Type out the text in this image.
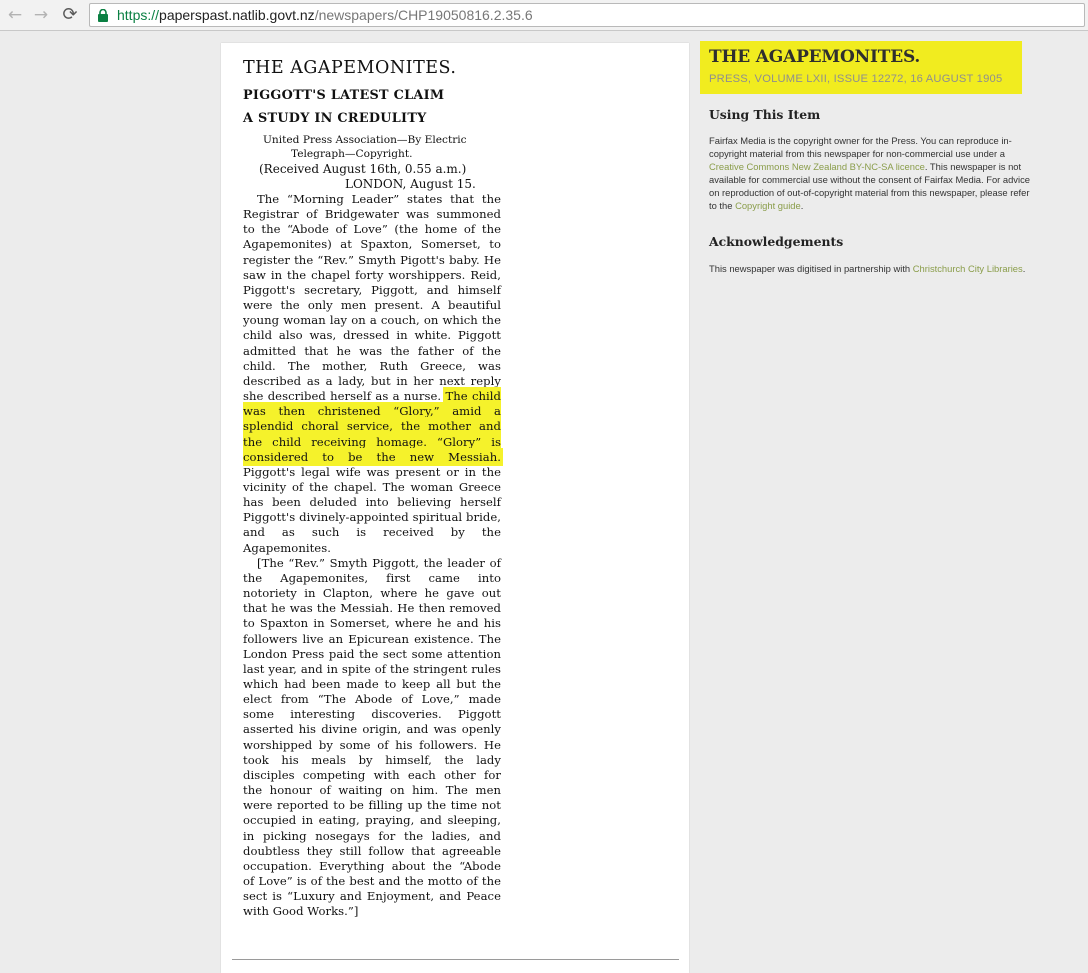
← → ⟳	https://paperspast.natlib.govt.nz/newspapers/CHP19050816.2.35.6
THE AGAPEMONITES.
PIGGOTT'S LATEST CLAIM
A STUDY IN CREDULITY
United Press Association—By Electric
Telegraph—Copyright.
(Received August 16th, 0.55 a.m.)
LONDON, August 15.

The “Morning Leader” states that the Registrar of Bridgewater was summoned to the “Abode of Love” (the home of the Agapemonites) at Spaxton, Somerset, to register the “Rev.” Smyth Pigott's baby. He saw in the chapel forty worshippers. Reid, Piggott's secretary, Piggott, and himself were the only men present. A beautiful young woman lay on a couch, on which the child also was, dressed in white. Piggott admitted that he was the father of the child. The mother, Ruth Greece, was described as a lady, but in her next reply she described herself as a nurse. The child was then christened “Glory,” amid a splendid choral service, the mother and the child receiving homage. “Glory” is considered to be the new Messiah. Piggott's legal wife was present or in the vicinity of the chapel. The woman Greece has been deluded into believing herself Piggott's divinely-appointed spiritual bride, and as such is received by the Agapemonites.

[The “Rev.” Smyth Piggott, the leader of the Agapemonites, first came into notoriety in Clapton, where he gave out that he was the Messiah. He then removed to Spaxton in Somerset, where he and his followers live an Epicurean existence. The London Press paid the sect some attention last year, and in spite of the stringent rules which had been made to keep all but the elect from “The Abode of Love,” made some interesting discoveries. Piggott asserted his divine origin, and was openly worshipped by some of his followers. He took his meals by himself, the lady disciples competing with each other for the honour of waiting on him. The men were reported to be filling up the time not occupied in eating, praying, and sleeping, in picking nosegays for the ladies, and doubtless they still follow that agreeable occupation. Everything about the “Abode of Love” is of the best and the motto of the sect is “Luxury and Enjoyment, and Peace with Good Works.”]

THE AGAPEMONITES.
PRESS, VOLUME LXII, ISSUE 12272, 16 AUGUST 1905
Using This Item
Fairfax Media is the copyright owner for the Press. You can reproduce in-copyright material from this newspaper for non-commercial use under a Creative Commons New Zealand BY-NC-SA licence. This newspaper is not available for commercial use without the consent of Fairfax Media. For advice on reproduction of out-of-copyright material from this newspaper, please refer to the Copyright guide.
Acknowledgements
This newspaper was digitised in partnership with Christchurch City Libraries.
